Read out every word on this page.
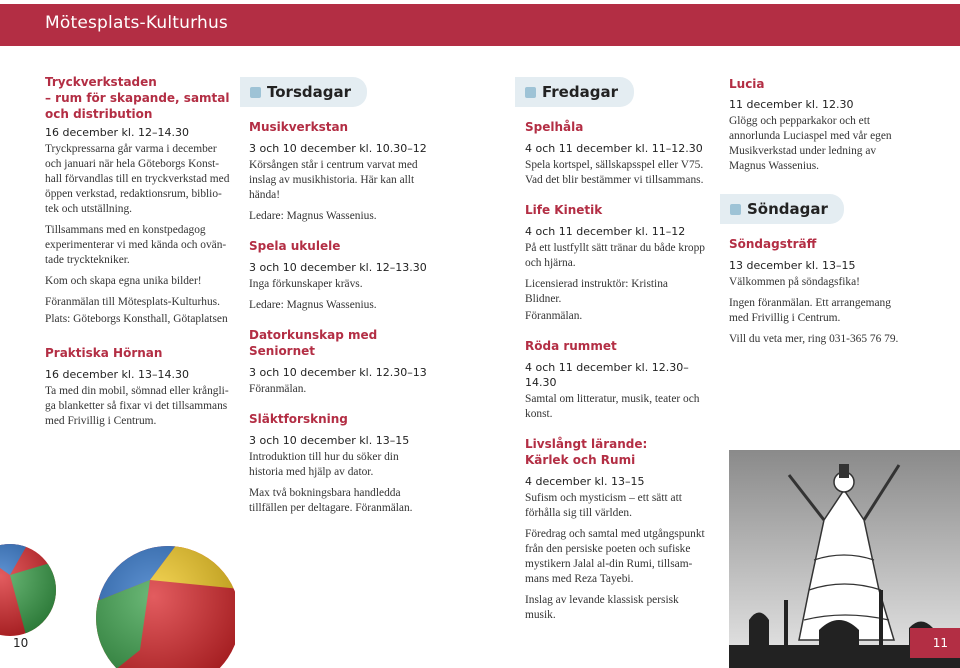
Mötesplats-Kulturhus
Tryckverkstaden
– rum för skapande, samtal
och distribution
16 december kl. 12–14.30
Tryckpressarna går varma i december
och januari när hela Göteborgs Konst-
hall förvandlas till en tryckverkstad med
öppen verkstad, redaktionsrum, biblio-
tek och utställning.
Tillsammans med en konstpedagog
experimenterar vi med kända och ovän-
tade trycktekniker.
Kom och skapa egna unika bilder!
Föranmälan till Mötesplats-Kulturhus.
Plats: Göteborgs Konsthall, Götaplatsen
Praktiska Hörnan
16 december kl. 13–14.30
Ta med din mobil, sömnad eller krångli-
ga blanketter så fixar vi det tillsammans
med Frivillig i Centrum.
Torsdagar
Musikverkstan
3 och 10 december kl. 10.30–12
Körsången står i centrum varvat med
inslag av musikhistoria. Här kan allt
hända!
Ledare: Magnus Wassenius.
Spela ukulele
3 och 10 december kl. 12–13.30
Inga förkunskaper krävs.
Ledare: Magnus Wassenius.
Datorkunskap med Seniornet
3 och 10 december kl. 12.30–13
Föranmälan.
Släktforskning
3 och 10 december kl. 13–15
Introduktion till hur du söker din
historia med hjälp av dator.
Max två bokningsbara handledda
tillfällen per deltagare. Föranmälan.
Fredagar
Spelhåla
4 och 11 december kl. 11–12.30
Spela kortspel, sällskapsspel eller V75.
Vad det blir bestämmer vi tillsammans.
Life Kinetik
4 och 11 december kl. 11–12
På ett lustfyllt sätt tränar du både kropp
och hjärna.
Licensierad instruktör: Kristina Blidner.
Föranmälan.
Röda rummet
4 och 11 december kl. 12.30–14.30
Samtal om litteratur, musik, teater och
konst.
Livslångt lärande:
Kärlek och Rumi
4 december kl. 13–15
Sufism och mysticism – ett sätt att
förhålla sig till världen.
Föredrag och samtal med utgångspunkt
från den persiske poeten och sufiske
mystikern Jalal al-din Rumi, tillsam-
mans med Reza Tayebi.
Inslag av levande klassisk persisk musik.
Lucia
11 december kl. 12.30
Glögg och pepparkakor och ett
annorlunda Luciaspel med vår egen
Musikverkstad under ledning av
Magnus Wassenius.
Söndagar
Söndagsträff
13 december kl. 13–15
Välkommen på söndagsfika!
Ingen föranmälan. Ett arrangemang
med Frivillig i Centrum.
Vill du veta mer, ring 031-365 76 79.
10	11
